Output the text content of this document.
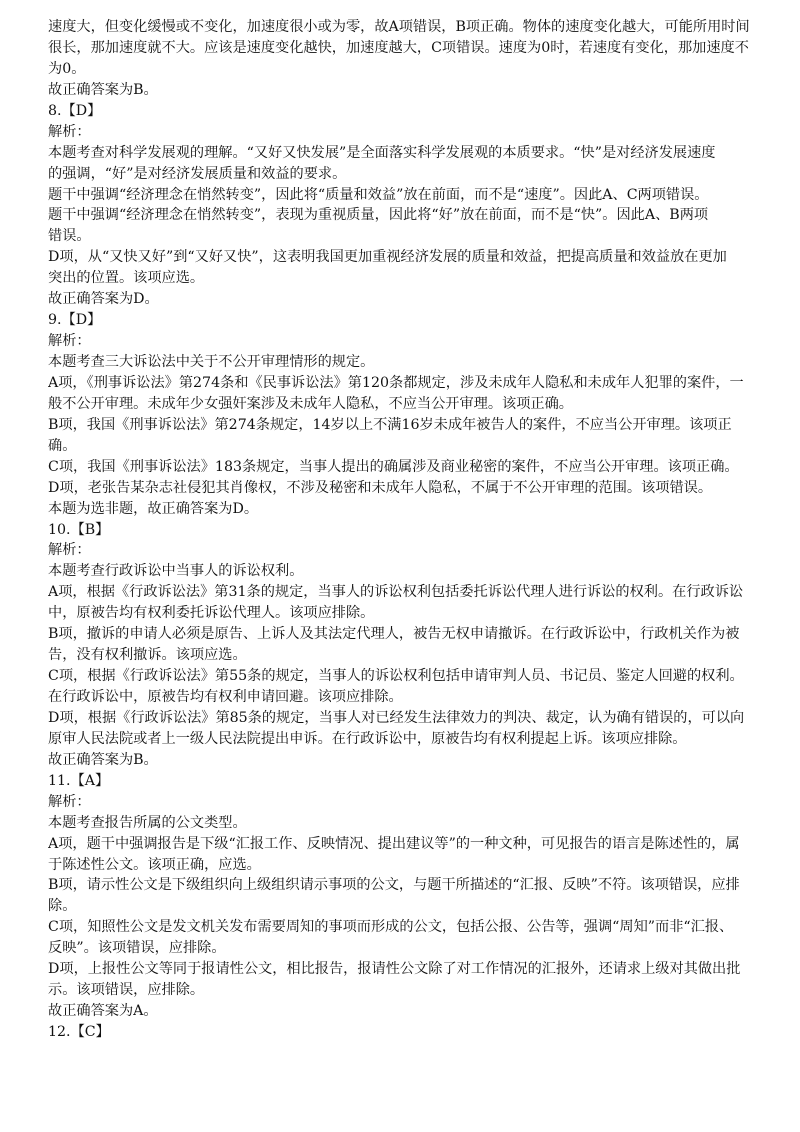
速度大，但变化缓慢或不变化，加速度很小或为零，故A项错误，B项正确。物体的速度变化越大，可能所用时间
很长，那加速度就不大。应该是速度变化越快，加速度越大，C项错误。速度为0时，若速度有变化，那加速度不
为0。
故正确答案为B。
8.【D】
解析：
本题考查对科学发展观的理解。“又好又快发展”是全面落实科学发展观的本质要求。“快”是对经济发展速度
的强调，“好”是对经济发展质量和效益的要求。
题干中强调“经济理念在悄然转变”，因此将“质量和效益”放在前面，而不是“速度”。因此A、C两项错误。
题干中强调“经济理念在悄然转变”，表现为重视质量，因此将“好”放在前面，而不是“快”。因此A、B两项
错误。
D项，从“又快又好”到“又好又快”，这表明我国更加重视经济发展的质量和效益，把提高质量和效益放在更加
突出的位置。该项应选。
故正确答案为D。
9.【D】
解析：
本题考查三大诉讼法中关于不公开审理情形的规定。
A项，《刑事诉讼法》第274条和《民事诉讼法》第120条都规定，涉及未成年人隐私和未成年人犯罪的案件，一
般不公开审理。未成年少女强奸案涉及未成年人隐私，不应当公开审理。该项正确。
B项，我国《刑事诉讼法》第274条规定，14岁以上不满16岁未成年被告人的案件，不应当公开审理。该项正
确。
C项，我国《刑事诉讼法》183条规定，当事人提出的确属涉及商业秘密的案件，不应当公开审理。该项正确。
D项，老张告某杂志社侵犯其肖像权，不涉及秘密和未成年人隐私，不属于不公开审理的范围。该项错误。
本题为选非题，故正确答案为D。
10.【B】
解析：
本题考查行政诉讼中当事人的诉讼权利。
A项，根据《行政诉讼法》第31条的规定，当事人的诉讼权利包括委托诉讼代理人进行诉讼的权利。在行政诉讼
中，原被告均有权利委托诉讼代理人。该项应排除。
B项，撤诉的申请人必须是原告、上诉人及其法定代理人，被告无权申请撤诉。在行政诉讼中，行政机关作为被
告，没有权利撤诉。该项应选。
C项，根据《行政诉讼法》第55条的规定，当事人的诉讼权利包括申请审判人员、书记员、鉴定人回避的权利。
在行政诉讼中，原被告均有权利申请回避。该项应排除。
D项，根据《行政诉讼法》第85条的规定，当事人对已经发生法律效力的判决、裁定，认为确有错误的，可以向
原审人民法院或者上一级人民法院提出申诉。在行政诉讼中，原被告均有权利提起上诉。该项应排除。
故正确答案为B。
11.【A】
解析：
本题考查报告所属的公文类型。
A项，题干中强调报告是下级“汇报工作、反映情况、提出建议等”的一种文种，可见报告的语言是陈述性的，属
于陈述性公文。该项正确，应选。
B项，请示性公文是下级组织向上级组织请示事项的公文，与题干所描述的“汇报、反映”不符。该项错误，应排
除。
C项，知照性公文是发文机关发布需要周知的事项而形成的公文，包括公报、公告等，强调“周知”而非“汇报、
反映”。该项错误，应排除。
D项，上报性公文等同于报请性公文，相比报告，报请性公文除了对工作情况的汇报外，还请求上级对其做出批
示。该项错误，应排除。
故正确答案为A。
12.【C】
